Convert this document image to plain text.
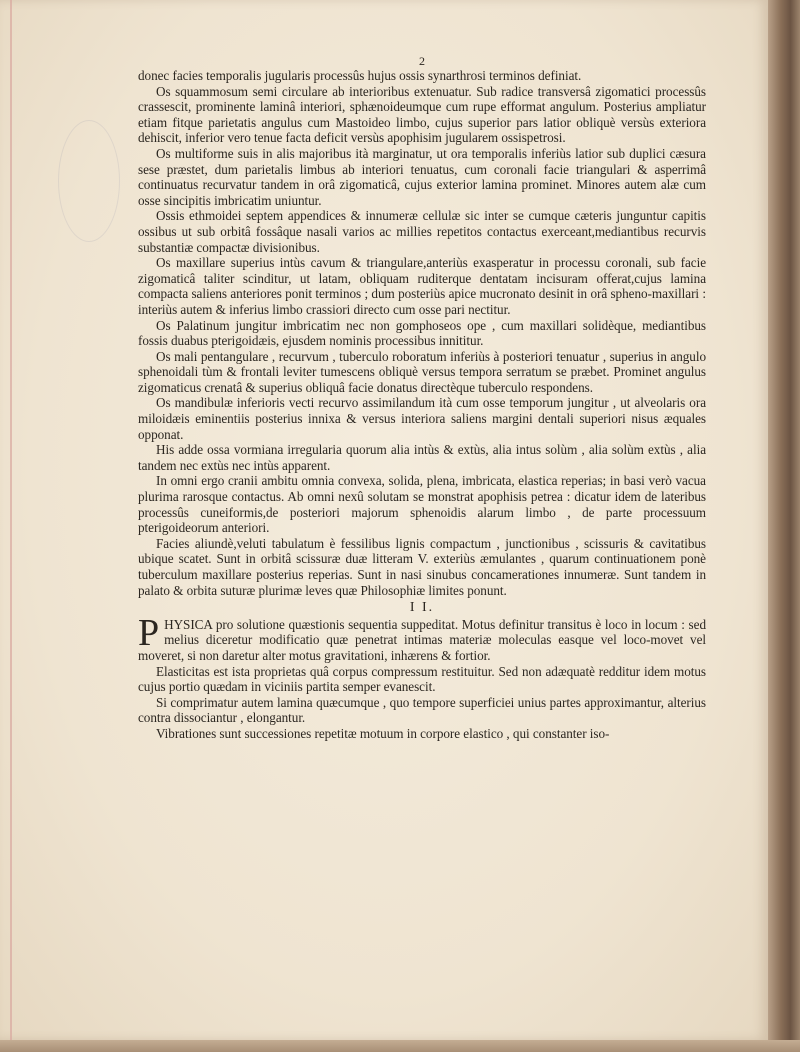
2

donec facies temporalis jugularis processûs hujus ossis synarthrosi terminos definiat.

Os squammosum semi circulare ab interioribus extenuatur. Sub radice transversâ zigomatici processûs crassescit, prominente laminâ interiori, sphænoideumque cum rupe efformat angulum. Posterius ampliatur etiam fitque parietatis angulus cum Mastoideo limbo, cujus superior pars latior obliquè versùs exteriora dehiscit, inferior vero tenue facta deficit versùs apophisim jugularem ossispetrosi.

Os multiforme suis in alis majoribus ità marginatur, ut ora temporalis inferiùs latior sub duplici cæsura sese præstet, dum parietalis limbus ab interiori tenuatus, cum coronali facie triangulari & asperrimâ continuatus recurvatur tandem in orâ zigomaticâ, cujus exterior lamina prominet. Minores autem alæ cum osse sincipitis imbricatim uniuntur.

Ossis ethmoidei septem appendices & innumeræ cellulæ sic inter se cumque cæteris junguntur capitis ossibus ut sub orbitâ fossâque nasali varios ac millies repetitos contactus exerceant,mediantibus recurvis substantiæ compactæ divisionibus.

Os maxillare superius intùs cavum & triangulare,anteriùs exasperatur in processu coronali, sub facie zigomaticâ taliter scinditur, ut latam, obliquam ruditerque dentatam incisuram offerat,cujus lamina compacta saliens anteriores ponit terminos ; dum posteriùs apice mucronato desinit in orâ spheno-maxillari : interiùs autem & inferius limbo crassiori directo cum osse pari nectitur.

Os Palatinum jungitur imbricatim nec non gomphoseos ope , cum maxillari solidèque, mediantibus fossis duabus pterigoidæis, ejusdem nominis processibus innititur.

Os mali pentangulare , recurvum , tuberculo roboratum inferiùs à posteriori tenuatur , superius in angulo sphenoidali tùm & frontali leviter tumescens obliquè versus tempora serratum se præbet. Prominet angulus zigomaticus crenatâ & superius obliquâ facie donatus directèque tuberculo respondens.

Os mandibulæ inferioris vecti recurvo assimilandum ità cum osse temporum jungitur , ut alveolaris ora miloidæis eminentiis posterius innixa & versus interiora saliens margini dentali superiori nisus æquales opponat.

His adde ossa vormiana irregularia quorum alia intùs & extùs, alia intus solùm , alia solùm extùs , alia tandem nec extùs nec intùs apparent.

In omni ergo cranii ambitu omnia convexa, solida, plena, imbricata, elastica reperias; in basi verò vacua plurima rarosque contactus. Ab omni nexû solutam se monstrat apophisis petrea : dicatur idem de lateribus processûs cuneiformis,de posteriori majorum sphenoidis alarum limbo , de parte processuum pterigoideorum anteriori.

Facies aliundè,veluti tabulatum è fessilibus lignis compactum , junctionibus , scissuris & cavitatibus ubique scatet. Sunt in orbitâ scissuræ duæ litteram V. exteriùs æmulantes , quarum continuationem ponè tuberculum maxillare posterius reperias. Sunt in nasi sinubus concamerationes innumeræ. Sunt tandem in palato & orbita suturæ plurimæ leves quæ Philosophiæ limites ponunt.

I I.

PHYSICA pro solutione quæstionis sequentia suppeditat. Motus definitur transitus è loco in locum : sed melius diceretur modificatio quæ penetrat intimas materiæ moleculas easque vel loco-movet vel moveret, si non daretur alter motus gravitationi, inhærens & fortior.

Elasticitas est ista proprietas quâ corpus compressum restituitur. Sed non adæquatè redditur idem motus cujus portio quædam in viciniis partita semper evanescit.

Si comprimatur autem lamina quæcumque , quo tempore superficiei unius partes approximantur, alterius contra dissociantur , elongantur.

Vibrationes sunt successiones repetitæ motuum in corpore elastico , qui constanter iso-
